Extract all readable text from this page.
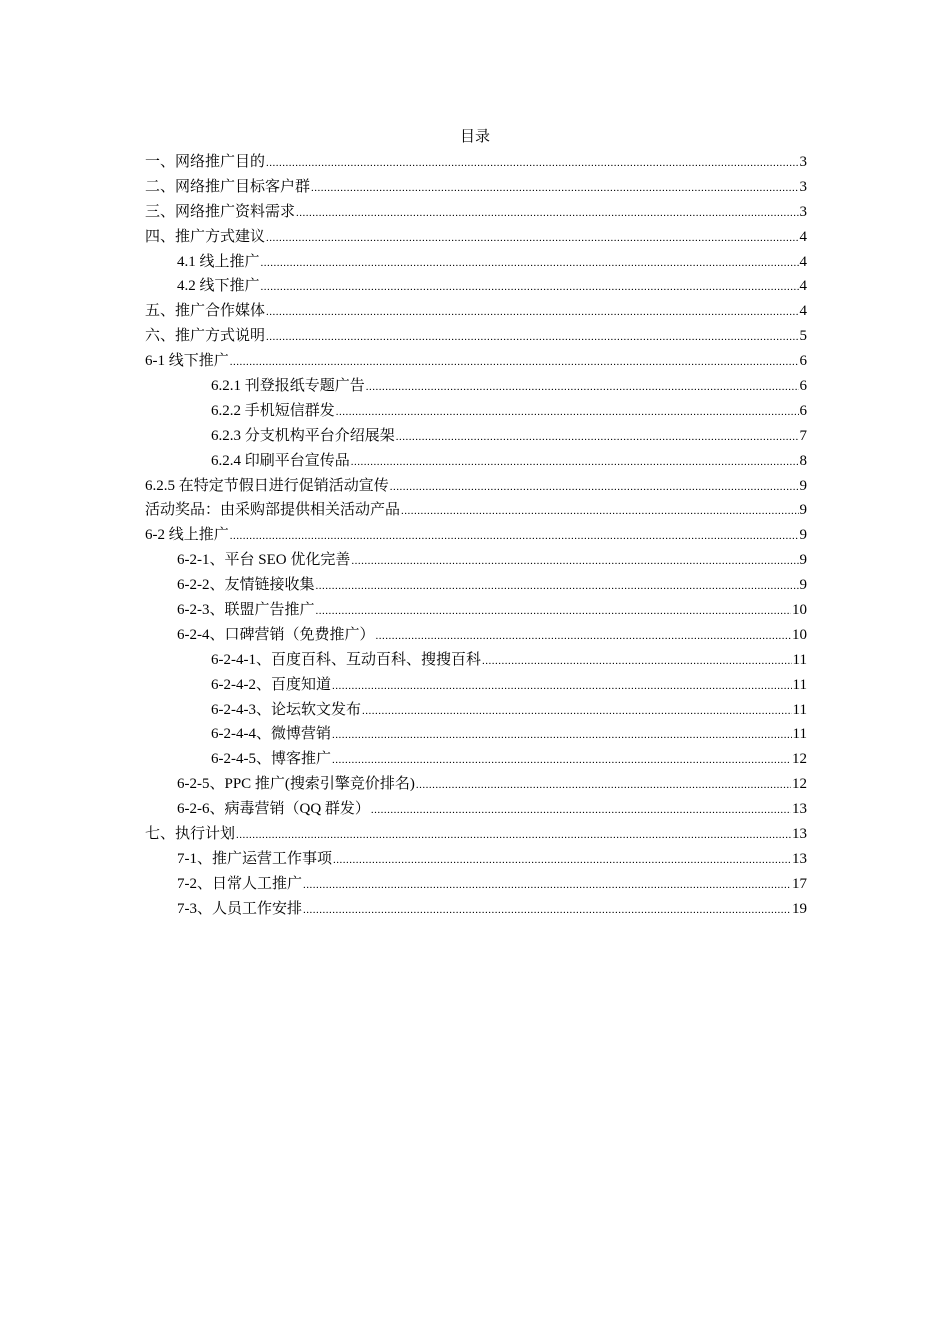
目录
一、网络推广目的 .....	3
二、网络推广目标客户群 .....	3
三、网络推广资料需求 .....	3
四、推广方式建议 .....	4
4.1 线上推广 .....	4
4.2 线下推广 .....	4
五、推广合作媒体 .....	4
六、推广方式说明 .....	5
6-1 线下推广 .....	6
6.2.1 刊登报纸专题广告 .....	6
6.2.2 手机短信群发 .....	6
6.2.3 分支机构平台介绍展架 .....	7
6.2.4 印刷平台宣传品 .....	8
6.2.5 在特定节假日进行促销活动宣传 .....	9
活动奖品：由采购部提供相关活动产品 .....	9
6-2 线上推广 .....	9
6-2-1、平台 SEO 优化完善 .....	9
6-2-2、友情链接收集 .....	9
6-2-3、联盟广告推广 .....	10
6-2-4、口碑营销（免费推广） .....	10
6-2-4-1、百度百科、互动百科、搜搜百科 .....	11
6-2-4-2、百度知道 .....	11
6-2-4-3、论坛软文发布 .....	11
6-2-4-4、微博营销 .....	11
6-2-4-5、博客推广 .....	12
6-2-5、PPC 推广(搜索引擎竞价排名) .....	12
6-2-6、病毒营销（QQ 群发） .....	13
七、执行计划 .....	13
7-1、推广运营工作事项 .....	13
7-2、日常人工推广 .....	17
7-3、人员工作安排 .....	19
